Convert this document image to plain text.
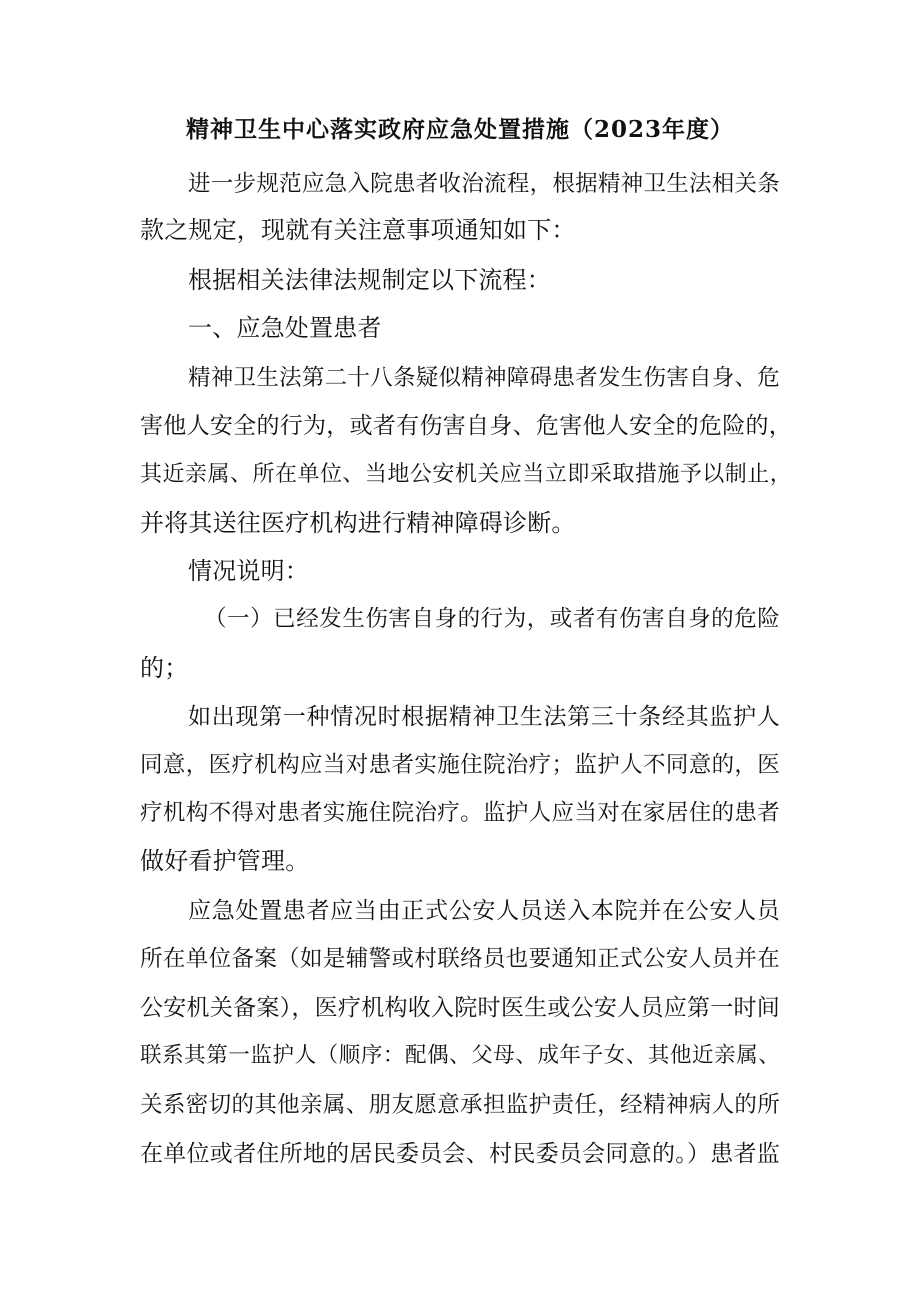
精神卫生中心落实政府应急处置措施（2023年度）
进一步规范应急入院患者收治流程，根据精神卫生法相关条
款之规定，现就有关注意事项通知如下：
根据相关法律法规制定以下流程：
一、应急处置患者
精神卫生法第二十八条疑似精神障碍患者发生伤害自身、危
害他人安全的行为，或者有伤害自身、危害他人安全的危险的，
其近亲属、所在单位、当地公安机关应当立即采取措施予以制止，
并将其送往医疗机构进行精神障碍诊断。
情况说明：
（一）已经发生伤害自身的行为，或者有伤害自身的危险
的；
如出现第一种情况时根据精神卫生法第三十条经其监护人
同意，医疗机构应当对患者实施住院治疗；监护人不同意的，医
疗机构不得对患者实施住院治疗。监护人应当对在家居住的患者
做好看护管理。
应急处置患者应当由正式公安人员送入本院并在公安人员
所在单位备案（如是辅警或村联络员也要通知正式公安人员并在
公安机关备案），医疗机构收入院时医生或公安人员应第一时间
联系其第一监护人（顺序：配偶、父母、成年子女、其他近亲属、
关系密切的其他亲属、朋友愿意承担监护责任，经精神病人的所
在单位或者住所地的居民委员会、村民委员会同意的。）患者监
